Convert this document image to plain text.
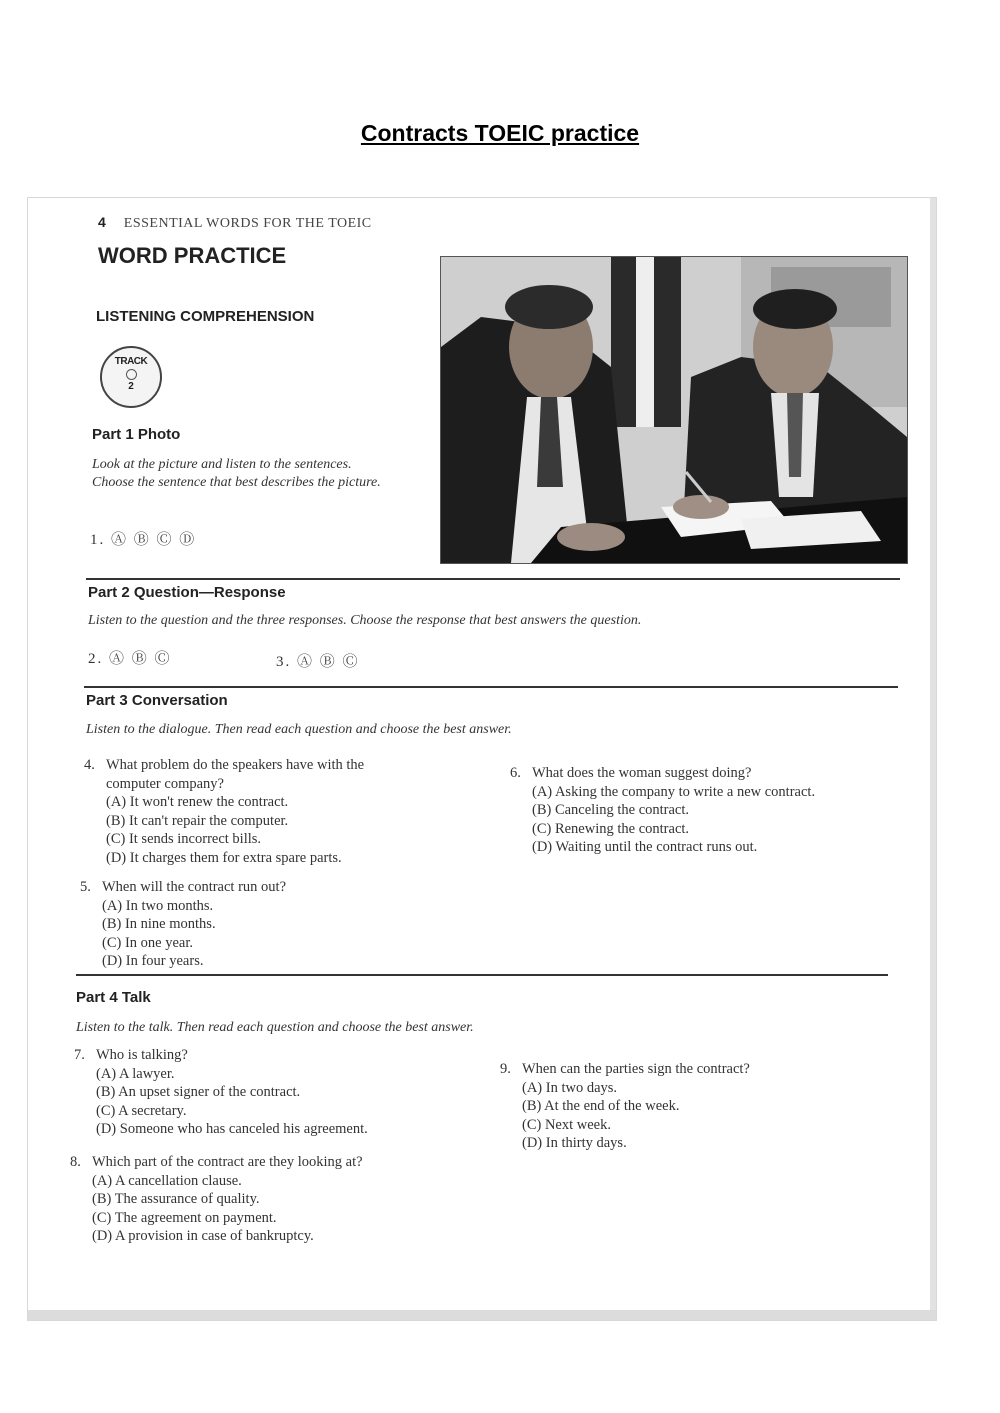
Contracts TOEIC practice
4 ESSENTIAL WORDS FOR THE TOEIC
WORD PRACTICE
LISTENING COMPREHENSION
TRACK
2
Part 1 Photo
Look at the picture and listen to the sentences.
Choose the sentence that best describes the picture.
1. Ⓐ Ⓑ Ⓒ Ⓓ
Part 2 Question—Response
Listen to the question and the three responses. Choose the response that best answers the question.
2. Ⓐ Ⓑ Ⓒ	3. Ⓐ Ⓑ Ⓒ
Part 3 Conversation
Listen to the dialogue. Then read each question and choose the best answer.
4. What problem do the speakers have with the
computer company?
(A) It won't renew the contract.
(B) It can't repair the computer.
(C) It sends incorrect bills.
(D) It charges them for extra spare parts.
5. When will the contract run out?
(A) In two months.
(B) In nine months.
(C) In one year.
(D) In four years.
6. What does the woman suggest doing?
(A) Asking the company to write a new contract.
(B) Canceling the contract.
(C) Renewing the contract.
(D) Waiting until the contract runs out.
Part 4 Talk
Listen to the talk. Then read each question and choose the best answer.
7. Who is talking?
(A) A lawyer.
(B) An upset signer of the contract.
(C) A secretary.
(D) Someone who has canceled his agreement.
8. Which part of the contract are they looking at?
(A) A cancellation clause.
(B) The assurance of quality.
(C) The agreement on payment.
(D) A provision in case of bankruptcy.
9. When can the parties sign the contract?
(A) In two days.
(B) At the end of the week.
(C) Next week.
(D) In thirty days.
